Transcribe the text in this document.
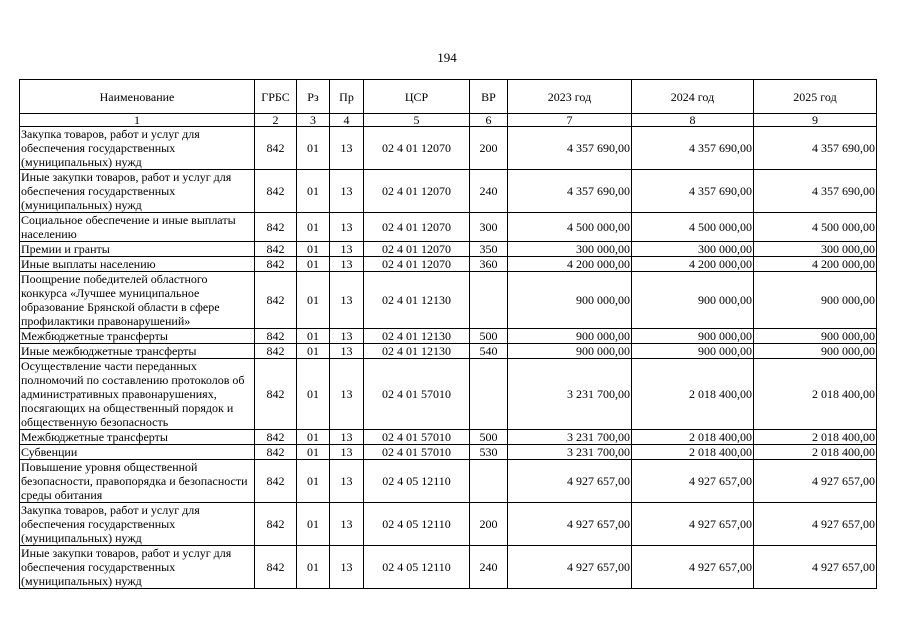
194
Наименование	ГРБС	Рз	Пр	ЦСР	ВР	2023 год	2024 год	2025 год
1	2	3	4	5	6	7	8	9
Закупка товаров, работ и услуг для обеспечения государственных (муниципальных) нужд	842	01	13	02 4 01 12070	200	4 357 690,00	4 357 690,00	4 357 690,00
Иные закупки товаров, работ и услуг для обеспечения государственных (муниципальных) нужд	842	01	13	02 4 01 12070	240	4 357 690,00	4 357 690,00	4 357 690,00
Социальное обеспечение и иные выплаты населению	842	01	13	02 4 01 12070	300	4 500 000,00	4 500 000,00	4 500 000,00
Премии и гранты	842	01	13	02 4 01 12070	350	300 000,00	300 000,00	300 000,00
Иные выплаты населению	842	01	13	02 4 01 12070	360	4 200 000,00	4 200 000,00	4 200 000,00
Поощрение победителей областного конкурса «Лучшее муниципальное образование Брянской области в сфере профилактики правонарушений»	842	01	13	02 4 01 12130		900 000,00	900 000,00	900 000,00
Межбюджетные трансферты	842	01	13	02 4 01 12130	500	900 000,00	900 000,00	900 000,00
Иные межбюджетные трансферты	842	01	13	02 4 01 12130	540	900 000,00	900 000,00	900 000,00
Осуществление части переданных полномочий по составлению протоколов об административных правонарушениях, посягающих на общественный порядок и общественную безопасность	842	01	13	02 4 01 57010		3 231 700,00	2 018 400,00	2 018 400,00
Межбюджетные трансферты	842	01	13	02 4 01 57010	500	3 231 700,00	2 018 400,00	2 018 400,00
Субвенции	842	01	13	02 4 01 57010	530	3 231 700,00	2 018 400,00	2 018 400,00
Повышение уровня общественной безопасности, правопорядка и безопасности среды обитания	842	01	13	02 4 05 12110		4 927 657,00	4 927 657,00	4 927 657,00
Закупка товаров, работ и услуг для обеспечения государственных (муниципальных) нужд	842	01	13	02 4 05 12110	200	4 927 657,00	4 927 657,00	4 927 657,00
Иные закупки товаров, работ и услуг для обеспечения государственных (муниципальных) нужд	842	01	13	02 4 05 12110	240	4 927 657,00	4 927 657,00	4 927 657,00
